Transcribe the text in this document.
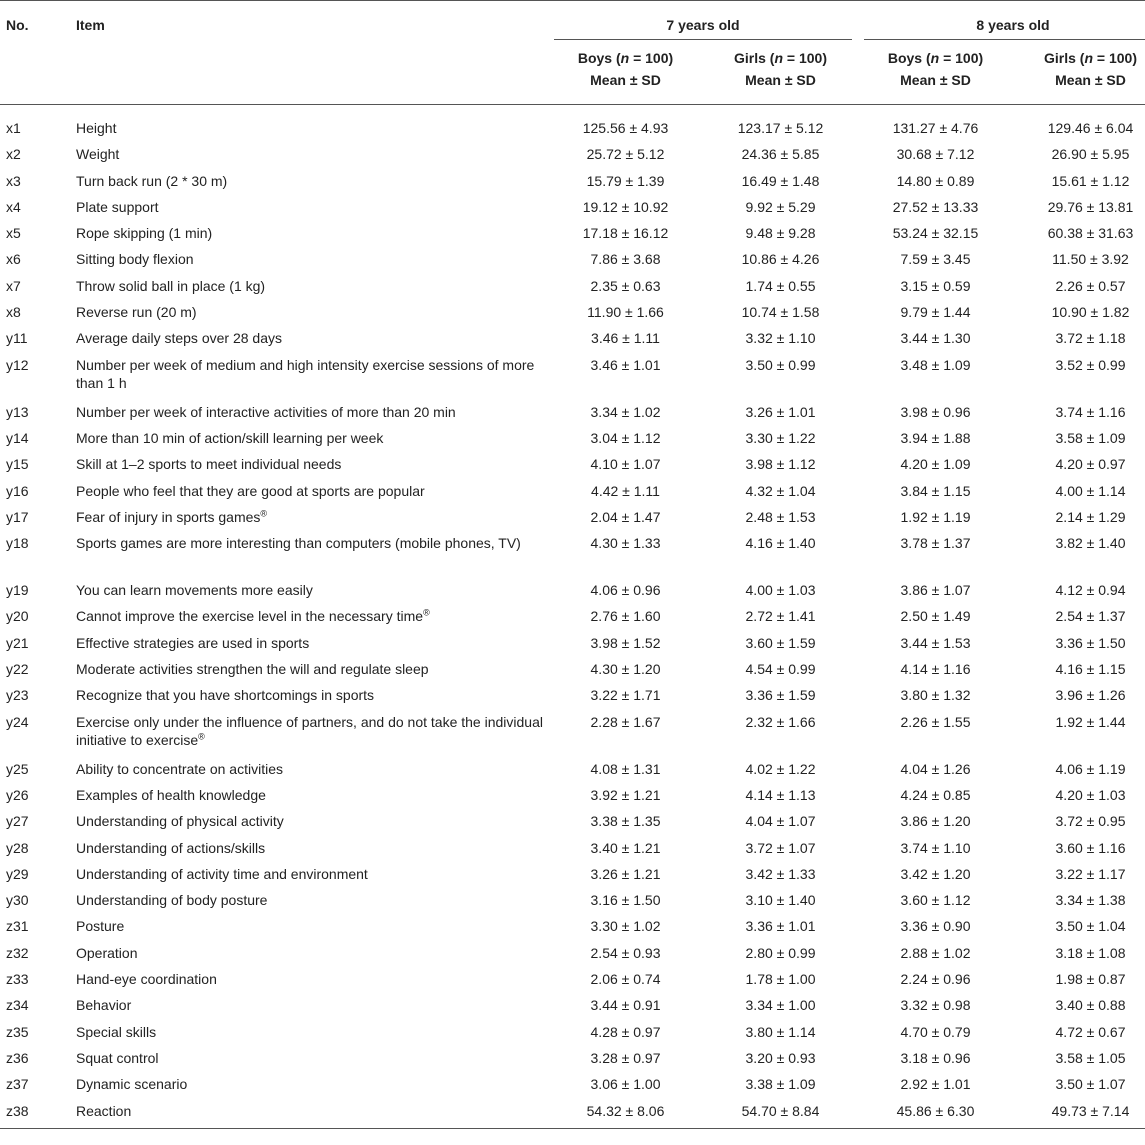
No.	Item	7 years old		8 years old	

		Boys (n = 100)	Girls (n = 100)	Boys (n = 100)	Girls (n = 100)
		Mean ± SD	Mean ± SD	Mean ± SD	Mean ± SD
x1	Height	125.56 ± 4.93	123.17 ± 5.12	131.27 ± 4.76	129.46 ± 6.04
x2	Weight	25.72 ± 5.12	24.36 ± 5.85	30.68 ± 7.12	26.90 ± 5.95
x3	Turn back run (2 * 30 m)	15.79 ± 1.39	16.49 ± 1.48	14.80 ± 0.89	15.61 ± 1.12
x4	Plate support	19.12 ± 10.92	9.92 ± 5.29	27.52 ± 13.33	29.76 ± 13.81
x5	Rope skipping (1 min)	17.18 ± 16.12	9.48 ± 9.28	53.24 ± 32.15	60.38 ± 31.63
x6	Sitting body flexion	7.86 ± 3.68	10.86 ± 4.26	7.59 ± 3.45	11.50 ± 3.92
x7	Throw solid ball in place (1 kg)	2.35 ± 0.63	1.74 ± 0.55	3.15 ± 0.59	2.26 ± 0.57
x8	Reverse run (20 m)	11.90 ± 1.66	10.74 ± 1.58	9.79 ± 1.44	10.90 ± 1.82
y11	Average daily steps over 28 days	3.46 ± 1.11	3.32 ± 1.10	3.44 ± 1.30	3.72 ± 1.18
y12	Number per week of medium and high intensity exercise sessions of more than 1 h	3.46 ± 1.01	3.50 ± 0.99	3.48 ± 1.09	3.52 ± 0.99
y13	Number per week of interactive activities of more than 20 min	3.34 ± 1.02	3.26 ± 1.01	3.98 ± 0.96	3.74 ± 1.16
y14	More than 10 min of action/skill learning per week	3.04 ± 1.12	3.30 ± 1.22	3.94 ± 1.88	3.58 ± 1.09
y15	Skill at 1–2 sports to meet individual needs	4.10 ± 1.07	3.98 ± 1.12	4.20 ± 1.09	4.20 ± 0.97
y16	People who feel that they are good at sports are popular	4.42 ± 1.11	4.32 ± 1.04	3.84 ± 1.15	4.00 ± 1.14
y17	Fear of injury in sports games®	2.04 ± 1.47	2.48 ± 1.53	1.92 ± 1.19	2.14 ± 1.29
y18	Sports games are more interesting than computers (mobile phones, TV)	4.30 ± 1.33	4.16 ± 1.40	3.78 ± 1.37	3.82 ± 1.40
y19	You can learn movements more easily	4.06 ± 0.96	4.00 ± 1.03	3.86 ± 1.07	4.12 ± 0.94
y20	Cannot improve the exercise level in the necessary time®	2.76 ± 1.60	2.72 ± 1.41	2.50 ± 1.49	2.54 ± 1.37
y21	Effective strategies are used in sports	3.98 ± 1.52	3.60 ± 1.59	3.44 ± 1.53	3.36 ± 1.50
y22	Moderate activities strengthen the will and regulate sleep	4.30 ± 1.20	4.54 ± 0.99	4.14 ± 1.16	4.16 ± 1.15
y23	Recognize that you have shortcomings in sports	3.22 ± 1.71	3.36 ± 1.59	3.80 ± 1.32	3.96 ± 1.26
y24	Exercise only under the influence of partners, and do not take the individual initiative to exercise®	2.28 ± 1.67	2.32 ± 1.66	2.26 ± 1.55	1.92 ± 1.44
y25	Ability to concentrate on activities	4.08 ± 1.31	4.02 ± 1.22	4.04 ± 1.26	4.06 ± 1.19
y26	Examples of health knowledge	3.92 ± 1.21	4.14 ± 1.13	4.24 ± 0.85	4.20 ± 1.03
y27	Understanding of physical activity	3.38 ± 1.35	4.04 ± 1.07	3.86 ± 1.20	3.72 ± 0.95
y28	Understanding of actions/skills	3.40 ± 1.21	3.72 ± 1.07	3.74 ± 1.10	3.60 ± 1.16
y29	Understanding of activity time and environment	3.26 ± 1.21	3.42 ± 1.33	3.42 ± 1.20	3.22 ± 1.17
y30	Understanding of body posture	3.16 ± 1.50	3.10 ± 1.40	3.60 ± 1.12	3.34 ± 1.38
z31	Posture	3.30 ± 1.02	3.36 ± 1.01	3.36 ± 0.90	3.50 ± 1.04
z32	Operation	2.54 ± 0.93	2.80 ± 0.99	2.88 ± 1.02	3.18 ± 1.08
z33	Hand-eye coordination	2.06 ± 0.74	1.78 ± 1.00	2.24 ± 0.96	1.98 ± 0.87
z34	Behavior	3.44 ± 0.91	3.34 ± 1.00	3.32 ± 0.98	3.40 ± 0.88
z35	Special skills	4.28 ± 0.97	3.80 ± 1.14	4.70 ± 0.79	4.72 ± 0.67
z36	Squat control	3.28 ± 0.97	3.20 ± 0.93	3.18 ± 0.96	3.58 ± 1.05
z37	Dynamic scenario	3.06 ± 1.00	3.38 ± 1.09	2.92 ± 1.01	3.50 ± 1.07
z38	Reaction	54.32 ± 8.06	54.70 ± 8.84	45.86 ± 6.30	49.73 ± 7.14
